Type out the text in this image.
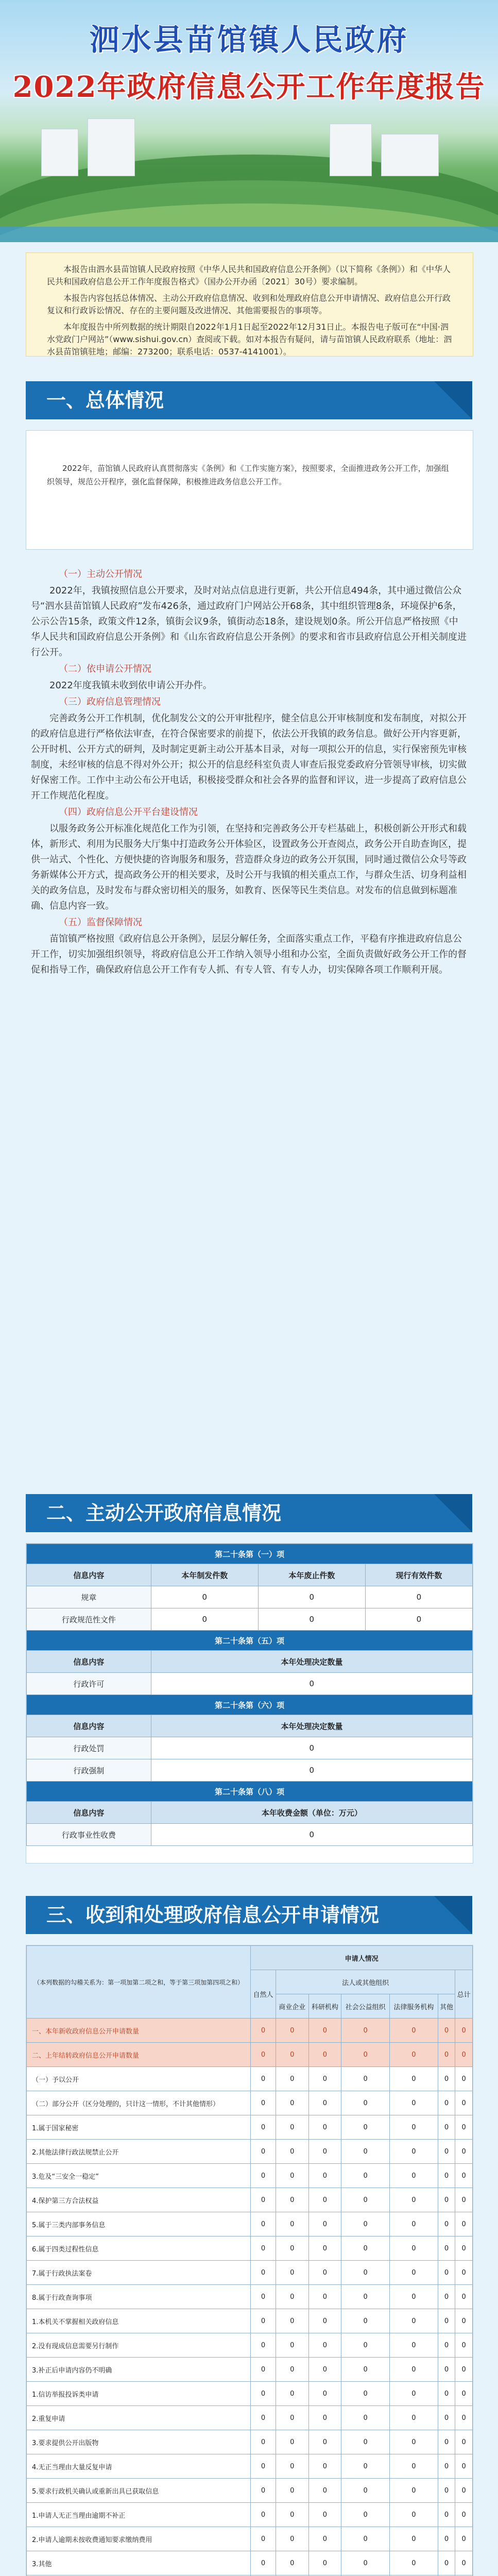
泗水县苗馆镇人民政府
2022年政府信息公开工作年度报告

本报告由泗水县苗馆镇人民政府按照《中华人民共和国政府信息公开条例》（以下简称《条例》）和《中华人民共和国政府信息公开工作年度报告格式》（国办公开办函〔2021〕30号）要求编制。

本报告内容包括总体情况、主动公开政府信息情况、收到和处理政府信息公开申请情况、政府信息公开行政复议和行政诉讼情况、存在的主要问题及改进情况、其他需要报告的事项等。

本年度报告中所列数据的统计期限自2022年1月1日起至2022年12月31日止。本报告电子版可在“中国·泗水党政门户网站”（www.sishui.gov.cn）查阅或下载。如对本报告有疑问，请与苗馆镇人民政府联系（地址：泗水县苗馆镇驻地；邮编：273200；联系电话：0537-4141001）。

一、总体情况
2022年，苗馆镇人民政府认真贯彻落实《条例》和《工作实施方案》，按照要求，全面推进政务公开工作，加强组织领导，规范公开程序，强化监督保障，积极推进政务信息公开工作。

（一）主动公开情况

2022年，我镇按照信息公开要求，及时对站点信息进行更新，共公开信息494条，其中通过微信公众号“泗水县苗馆镇人民政府”发布426条，通过政府门户网站公开68条，其中组织管理8条，环境保护6条，公示公告15条，政策文件12条，镇街会议9条，镇街动态18条，建设规划0条。所公开信息严格按照《中华人民共和国政府信息公开条例》和《山东省政府信息公开条例》的要求和省市县政府信息公开相关制度进行公开。

（二）依申请公开情况

2022年度我镇未收到依申请公开办件。

（三）政府信息管理情况

完善政务公开工作机制，优化制发公文的公开审批程序，健全信息公开审核制度和发布制度，对拟公开的政府信息进行严格依法审查，在符合保密要求的前提下，依法公开我镇的政务信息。做好公开内容更新，公开时机、公开方式的研判，及时制定更新主动公开基本目录，对每一项拟公开的信息，实行保密预先审核制度，未经审核的信息不得对外公开；拟公开的信息经科室负责人审查后报党委政府分管领导审核，切实做好保密工作。工作中主动公布公开电话，积极接受群众和社会各界的监督和评议，进一步提高了政府信息公开工作规范化程度。

（四）政府信息公开平台建设情况

以服务政务公开标准化规范化工作为引领，在坚持和完善政务公开专栏基础上，积极创新公开形式和载体，新形式、利用为民服务大厅集中打造政务公开体验区，设置政务公开查阅点，政务公开自助查询区，提供一站式、个性化、方便快捷的咨询服务和服务，营造群众身边的政务公开氛围，同时通过微信公众号等政务新媒体公开方式，提高政务公开的相关要求，及时公开与我镇的相关重点工作，与群众生活、切身利益相关的政务信息，及时发布与群众密切相关的服务，如教育、医保等民生类信息。对发布的信息做到标题准确、信息内容一致。

（五）监督保障情况

苗馆镇严格按照《政府信息公开条例》，层层分解任务，全面落实重点工作，平稳有序推进政府信息公开工作，切实加强组织领导，将政府信息公开工作纳入领导小组和办公室，全面负责做好政务公开工作的督促和指导工作，确保政府信息公开工作有专人抓、有专人管、有专人办，切实保障各项工作顺利开展。

二、主动公开政府信息情况
第二十条第（一）项			
信息内容	本年制发件数	本年废止件数	现行有效件数
规章	0	0	0
行政规范性文件	0	0	0
第二十条第（五）项			
信息内容	本年处理决定数量		
行政许可	0		
第二十条第（六）项			
信息内容	本年处理决定数量		
行政处罚	0		
行政强制	0		
第二十条第（八）项			
信息内容	本年收费金额（单位：万元）		
行政事业性收费	0		
三、收到和处理政府信息公开申请情况
（本列数据的勾稽关系为：第一项加第二项之和，等于第三项加第四项之和）	申请人情况						
	自然人	法人或其他组织					总计
		商业企业	科研机构	社会公益组织	法律服务机构	其他	
一、本年新收政府信息公开申请数量	0	0	0	0	0	0	0
二、上年结转政府信息公开申请数量	0	0	0	0	0	0	0
（一）予以公开	0	0	0	0	0	0	0
（二）部分公开（区分处理的，只计这一情形，不计其他情形）	0	0	0	0	0	0	0
1.属于国家秘密	0	0	0	0	0	0	0
2.其他法律行政法规禁止公开	0	0	0	0	0	0	0
3.危及“三安全一稳定”	0	0	0	0	0	0	0
4.保护第三方合法权益	0	0	0	0	0	0	0
5.属于三类内部事务信息	0	0	0	0	0	0	0
6.属于四类过程性信息	0	0	0	0	0	0	0
7.属于行政执法案卷	0	0	0	0	0	0	0
8.属于行政查询事项	0	0	0	0	0	0	0
1.本机关不掌握相关政府信息	0	0	0	0	0	0	0
2.没有现成信息需要另行制作	0	0	0	0	0	0	0
3.补正后申请内容仍不明确	0	0	0	0	0	0	0
1.信访举报投诉类申请	0	0	0	0	0	0	0
2.重复申请	0	0	0	0	0	0	0
3.要求提供公开出版物	0	0	0	0	0	0	0
4.无正当理由大量反复申请	0	0	0	0	0	0	0
5.要求行政机关确认或重新出具已获取信息	0	0	0	0	0	0	0
1.申请人无正当理由逾期不补正	0	0	0	0	0	0	0
2.申请人逾期未按收费通知要求缴纳费用	0	0	0	0	0	0	0
3.其他	0	0	0	0	0	0	0
